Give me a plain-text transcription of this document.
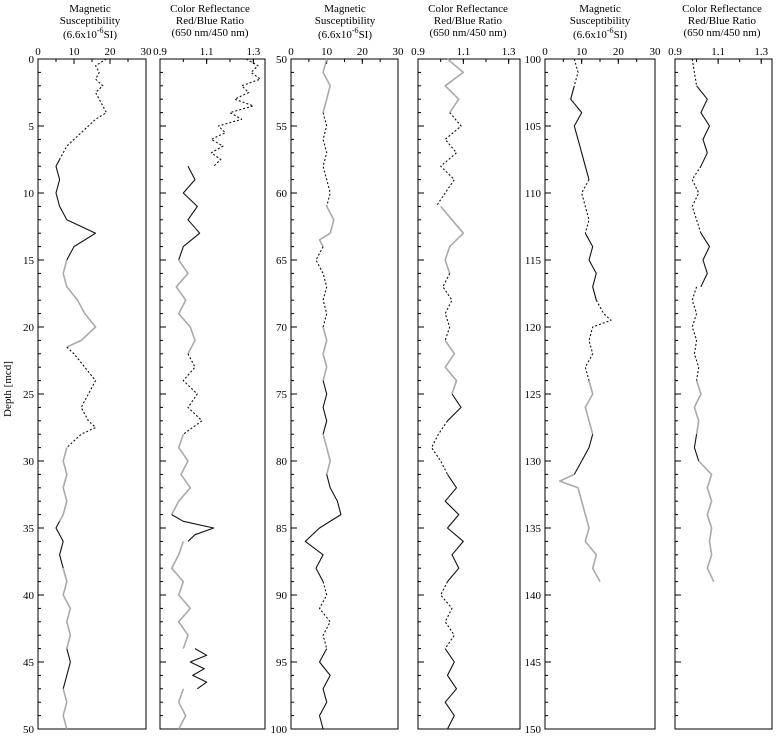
Depth [mcd]
Magnetic
Susceptibility
$(6.6x10^{-6}SI)$
0	10 20 30
0
5
10
15
20
25
30
35
40
45
50
Color Reflectance
Red/Blue Ratio
(650 nm/450 nm)
0.9	1.1	1.3
Magnetic
Susceptibility
$(6.6x10^{-6}SI)$
0 10 20 30
50
55
60
65
70
75
80
85
90
95
100
Color Reflectance
Red/Blue Ratio
(650 nm/450 nm)
0.9	1.1	1.3
Magnetic
Susceptibility
$(6.6x10^{-6}SI)$
0	10 20 30
100
105
110
115
120
125
130
135
140
145
150
Color Reflectance
Red/Blue Ratio
(650 nm/450 nm)
0.9	1.1	1.3
